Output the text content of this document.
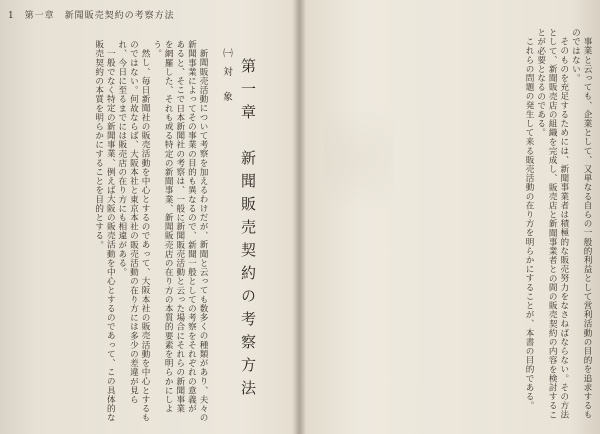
1 第一章　新聞販売契約の考察方法

新聞販売活動について考察を加えるわけだが、新聞と云っても数多くの種類があり、夫々の新聞事業によってその事業の目的も異なるので、新聞一般としての考察をそれぞれの意義があると、そこで日本新聞社の考察は、一般に新聞販売活動と云った場合にそれらの新聞事業を網羅した、それも或る特定の新聞事業、新聞販売店の在り方の本質的要素を明らかにしよう。

然し、毎日新聞社の販売活動を中心とするのであって、大阪本社の販売活動を中心とするものではない。何故ならば、大阪本社と東京本社の販売活動の在り方には多少の差違が見られ、今日に至るまでには販売店の在り方にも相違がある。

一般でなく特定の新聞事業、例えば大阪の販売活動を中心とするのであって、この具体的な販売契約の本質を明らかにすることを目的とする。	㈠ 対　象 第一章 新聞販売契約の考察方法	事業と云っても、企業として、又単なる自らの一般的利益として営利活動の目的を追求するものではない。

そのものを充足するためには、新聞事業者は積極的な販売努力をなさねばならない。その方法として、新聞販売店の組織を完成し、販売店と新聞事業者との間の販売契約の内容を検討することが必要となるのである。

これらの問題の発生して来る販売活動の在り方を明らかにすることが、本書の目的である。
